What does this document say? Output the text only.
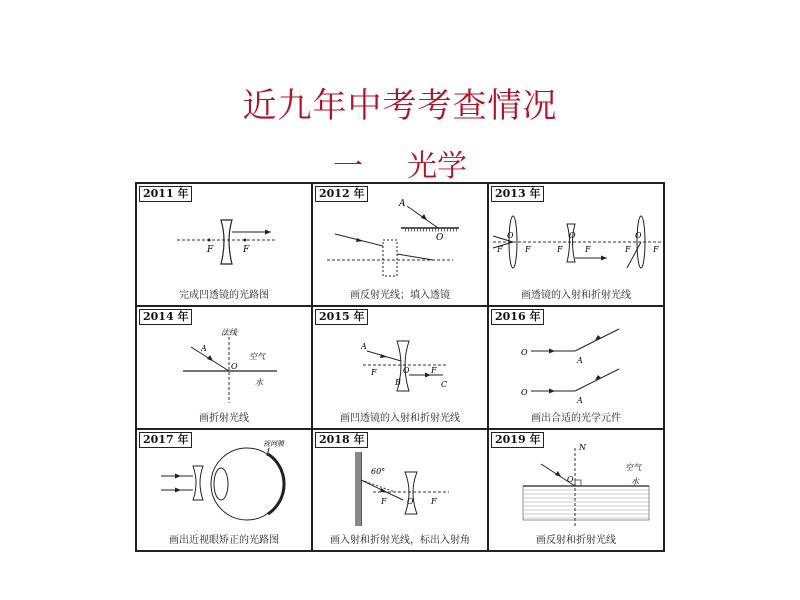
近九年中考考查情况
一 光学
2011 年
F	F
完成凹透镜的光路图
2012 年
A
O
画反射光线；填入透镜
2013 年
O	O	O
F	F	F	F	F	F
画透镜的入射和折射光线
2014 年
法线
A
O
空气
水
画折射光线
2015 年
A
F	O
B
F
C
画凹透镜的入射和折射光线
2016 年
O
A
O
A
画出合适的光学元件
2017 年	视网膜
画出近视眼矫正的光路图
2018 年
60°
F	O F
画入射和折射光线，标出入射角
2019 年
N
O
空气
水
画反射和折射光线
